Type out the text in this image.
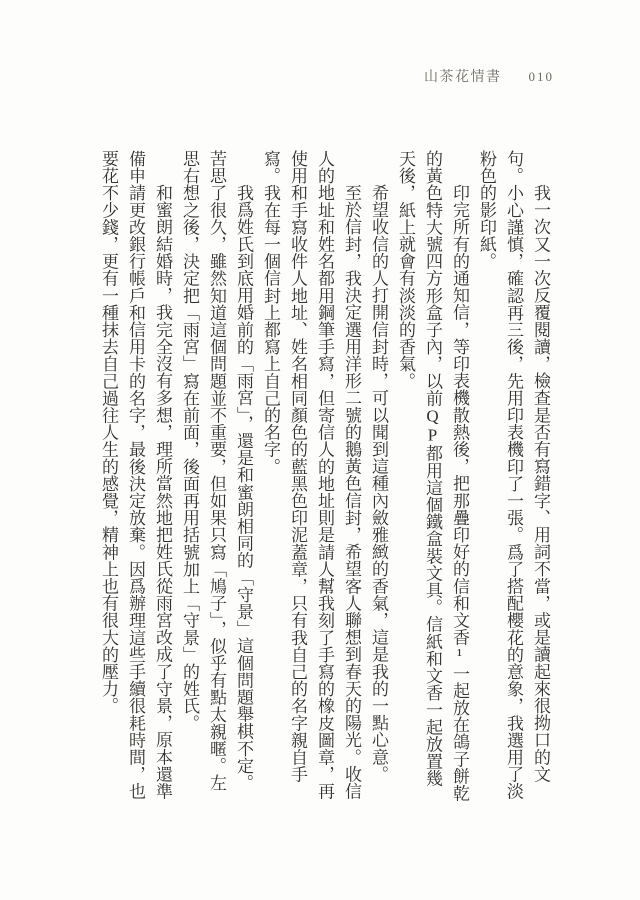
山茶花情書 010

我一次又一次反覆閱讀，檢查是否有寫錯字、用詞不當，或是讀起來很拗口的文句。小心謹慎，確認再三後，先用印表機印了一張。爲了搭配櫻花的意象，我選用了淡粉色的影印紙。

印完所有的通知信，等印表機散熱後，把那疊印好的信和文香¹一起放在鴿子餅乾的黃色特大號四方形盒子內，以前QP都用這個鐵盒裝文具。信紙和文香一起放置幾天後，紙上就會有淡淡的香氣。

希望收信的人打開信封時，可以聞到這種內斂雅緻的香氣，這是我的一點心意。

至於信封，我決定選用洋形二號的鵝黃色信封，希望客人聯想到春天的陽光。收信人的地址和姓名都用鋼筆手寫，但寄信人的地址則是請人幫我刻了手寫的橡皮圖章，再使用和手寫收件人地址、姓名相同顏色的藍黑色印泥蓋章，只有我自己的名字親自手寫。我在每一個信封上都寫上自己的名字。

我爲姓氏到底用婚前的「雨宮」，還是和蜜朗相同的「守景」這個問題舉棋不定。苦思了很久，雖然知道這個問題並不重要，但如果只寫「鳩子」，似乎有點太親暱。左思右想之後，決定把「雨宮」寫在前面，後面再用括號加上「守景」的姓氏。

和蜜朗結婚時，我完全沒有多想，理所當然地把姓氏從雨宮改成了守景，原本還準備申請更改銀行帳戶和信用卡的名字，最後決定放棄。因爲辦理這些手續很耗時間，也要花不少錢，更有一種抹去自己過往人生的感覺，精神上也有很大的壓力。
